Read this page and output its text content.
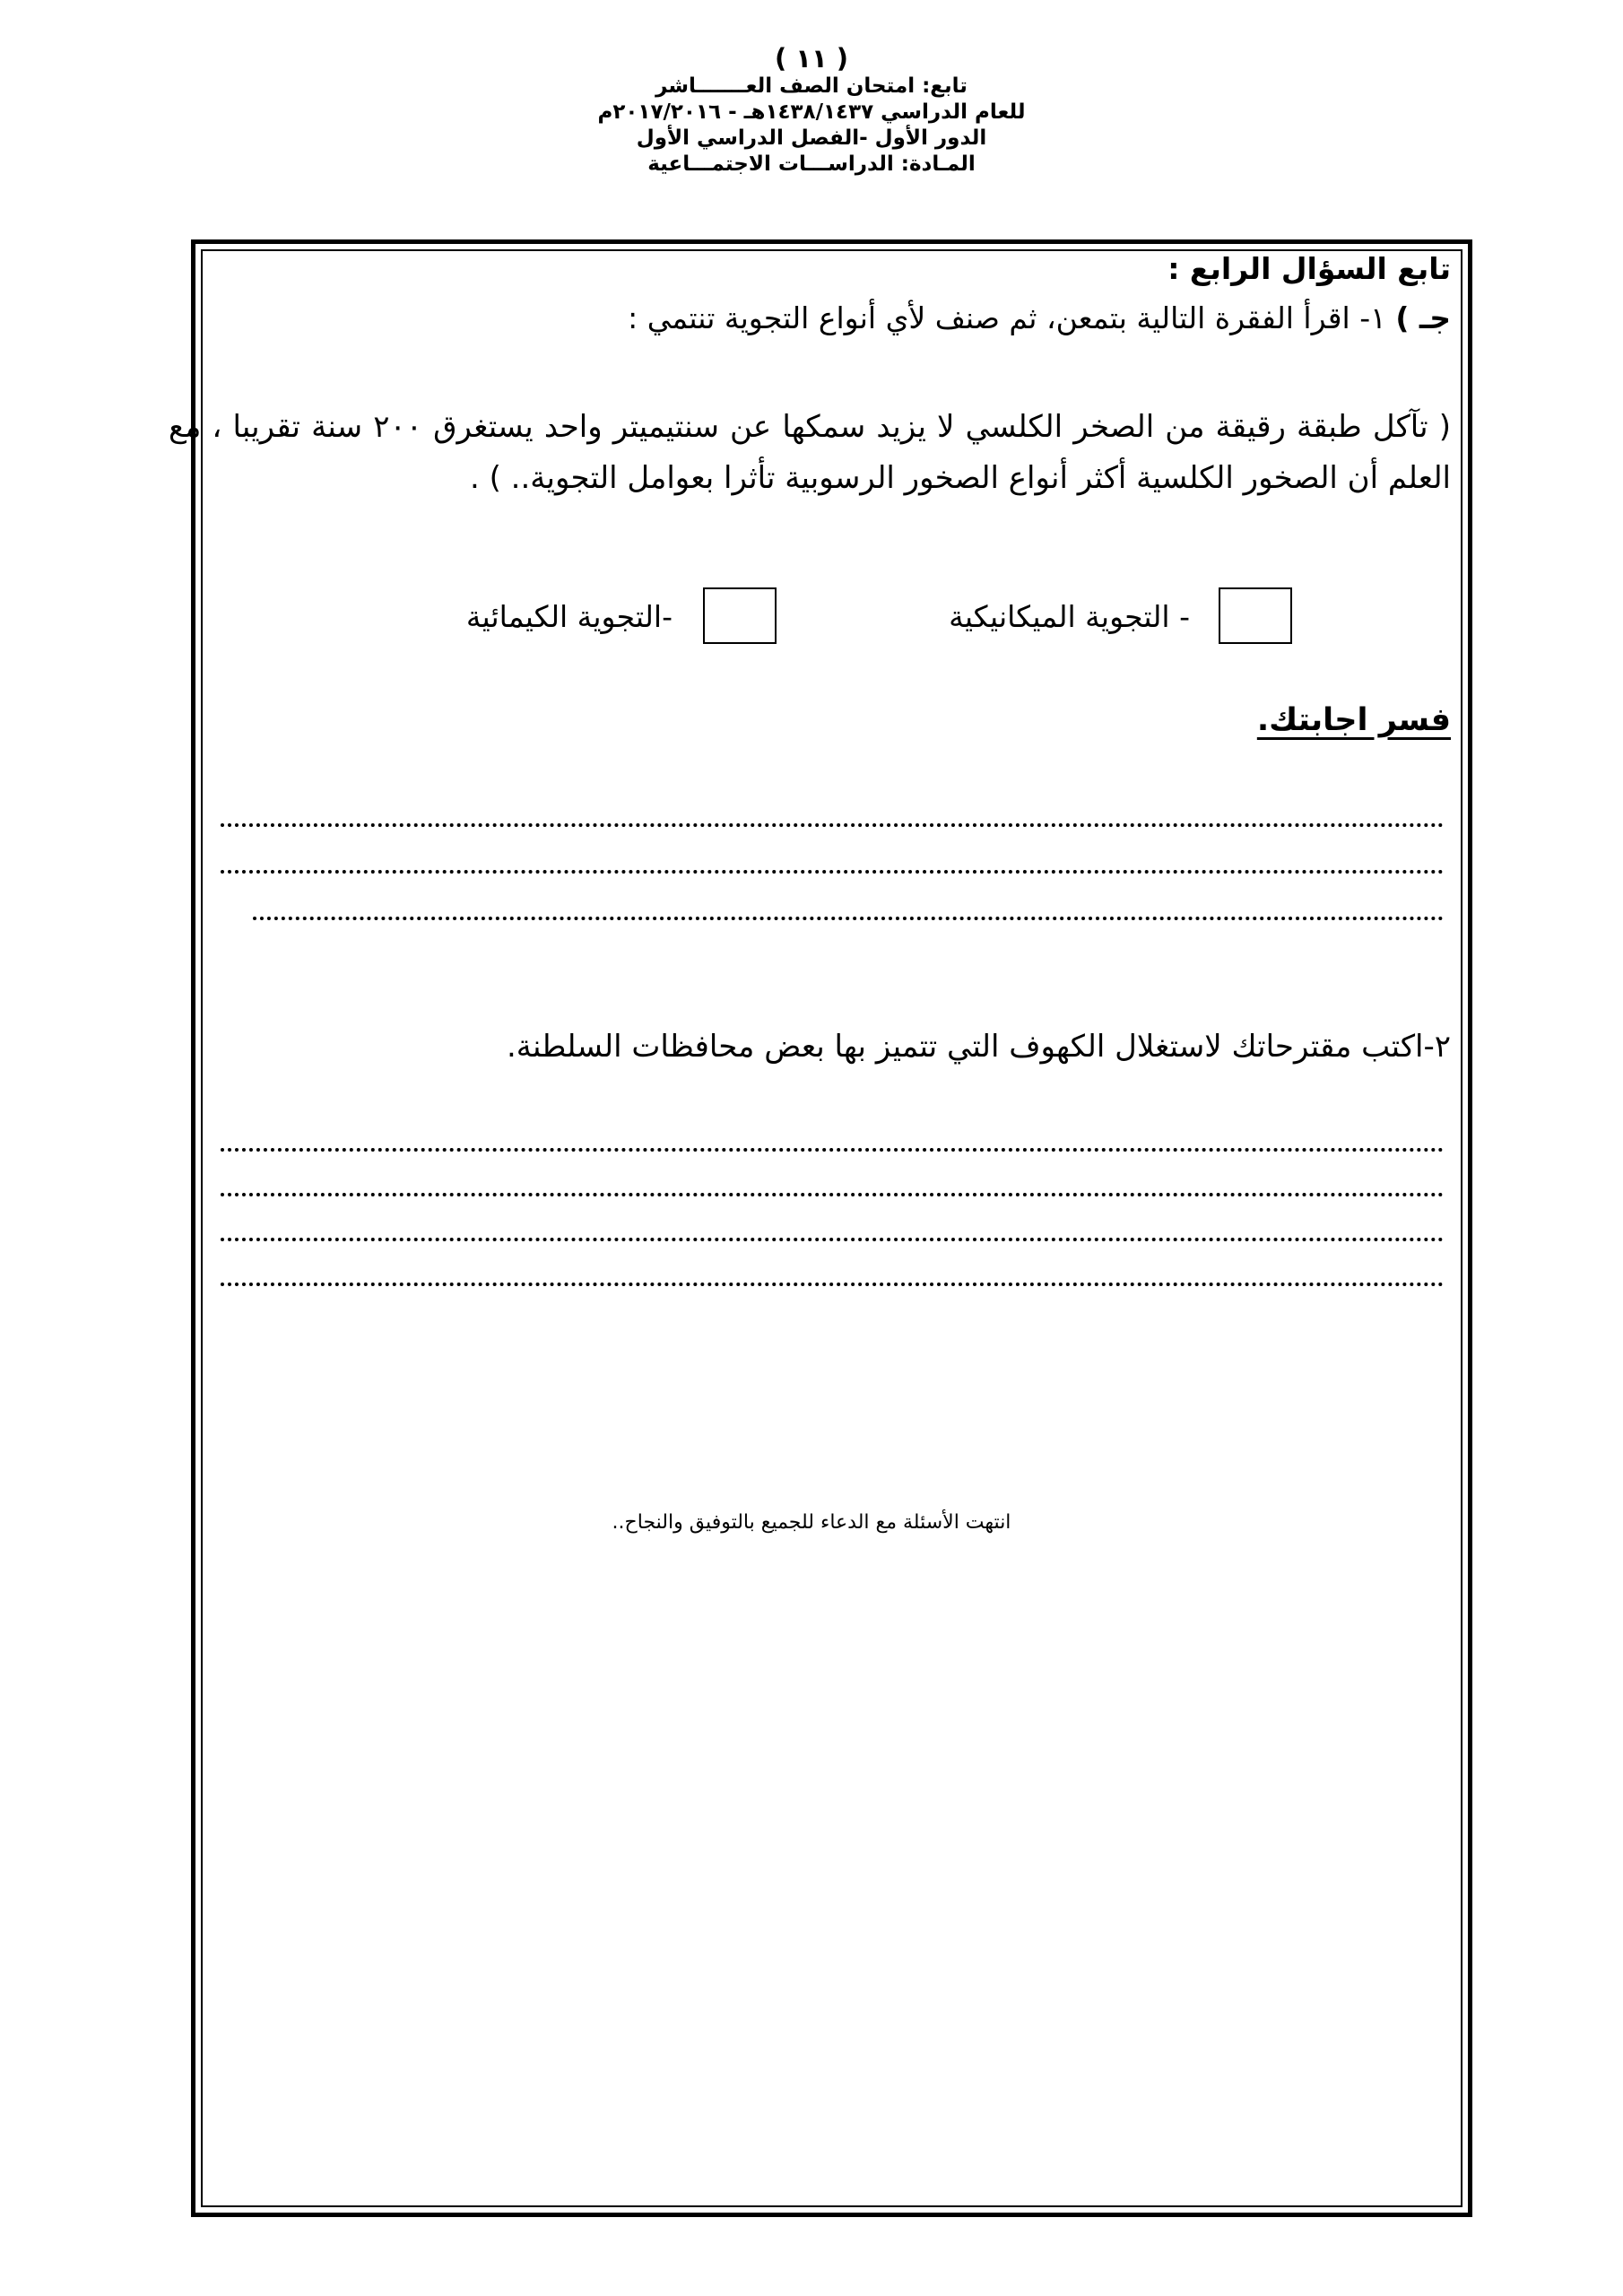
( ١١ )
تابع: امتحان الصف العـــــــاشر
للعام الدراسي ١٤٣٨/١٤٣٧هـ - ٢٠١٧/٢٠١٦م
الدور الأول -الفصل الدراسي الأول
المـادة: الدراســـات الاجتمـــاعية
تابع السؤال الرابع :
جـ ) ١- اقرأ الفقرة التالية بتمعن، ثم صنف لأي أنواع التجوية تنتمي :
( تآكل طبقة رقيقة من الصخر الكلسي لا يزيد سمكها عن سنتيميتر واحد يستغرق ٢٠٠ سنة تقريبا ، مع العلم أن الصخور الكلسية أكثر أنواع الصخور الرسوبية تأثرا بعوامل التجوية.. ) .
- التجوية الميكانيكية
-التجوية الكيمائية
فسر اجابتك.
٢-اكتب مقترحاتك لاستغلال الكهوف التي تتميز بها بعض محافظات السلطنة.
انتهت الأسئلة مع الدعاء للجميع بالتوفيق والنجاح..
